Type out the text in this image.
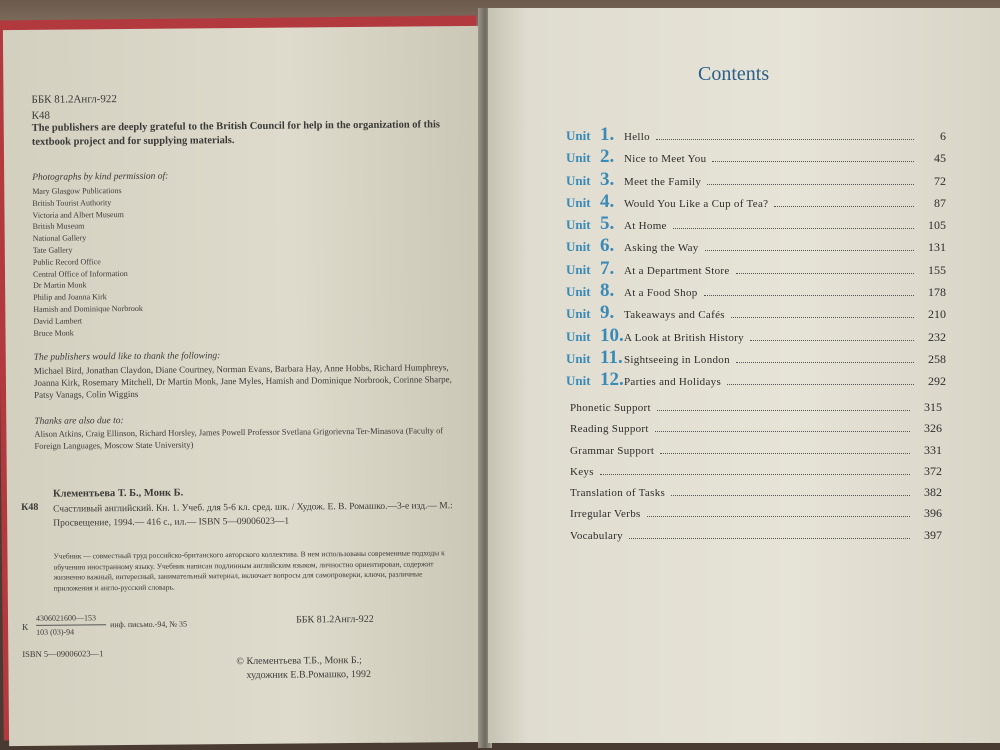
ББК 81.2Англ-922
К48
The publishers are deeply grateful to the British Council for help in the organization of this textbook project and for supplying materials.
Photographs by kind permission of:
Mary Glasgow Publications
British Tourist Authority
Victoria and Albert Museum
British Museum
National Gallery
Tate Gallery
Public Record Office
Central Office of Information
Dr Martin Monk
Philip and Joanna Kirk
Hamish and Dominique Norbrook
David Lambert
Bruce Monk
The publishers would like to thank the following:
Michael Bird, Jonathan Claydon, Diane Courtney, Norman Evans, Barbara Hay, Anne Hobbs, Richard Humphreys, Joanna Kirk, Rosemary Mitchell, Dr Martin Monk, Jane Myles, Hamish and Dominique Norbrook, Corinne Sharpe, Patsy Vanags, Colin Wiggins
Thanks are also due to:
Alison Atkins, Craig Ellinson, Richard Horsley, James Powell Professor Svetlana Grigorievna Ter-Minasova (Faculty of Foreign Languages, Moscow State University)
К48
Клементьева Т. Б., Монк Б.
Счастливый английский. Кн. 1. Учеб. для 5-6 кл. сред. шк. / Худож. Е. В. Ромашко.—3-е изд.— М.: Просвещение, 1994.— 416 с., ил.— ISBN 5—09006023—1
Учебник — совместный труд российско-британского авторского коллектива. В нем использованы современные подходы к обучению иностранному языку. Учебник написан подлинным английским языком, личностно ориентирован, содержит жизненно важный, интересный, занимательный материал, включает вопросы для самопроверки, ключи, различные приложения и англо-русский словарь.
К
4306021600—153
103 (03)-94
инф. письмо.-94, № 35	ББК 81.2Англ-922
ISBN 5—09006023—1
© Клементьева Т.Б., Монк Б.;
художник Е.В.Ромашко, 1992
Contents
Unit 1. Hello	6
Unit 2. Nice to Meet You	45
Unit 3. Meet the Family	72
Unit 4. Would You Like a Cup of Tea?	87
Unit 5. At Home	105
Unit 6. Asking the Way	131
Unit 7. At a Department Store	155
Unit 8. At a Food Shop	178
Unit 9. Takeaways and Cafés	210
Unit 10. A Look at British History	232
Unit 11. Sightseeing in London	258
Unit 12. Parties and Holidays	292
Phonetic Support	315
Reading Support	326
Grammar Support	331
Keys	372
Translation of Tasks	382
Irregular Verbs	396
Vocabulary	397
